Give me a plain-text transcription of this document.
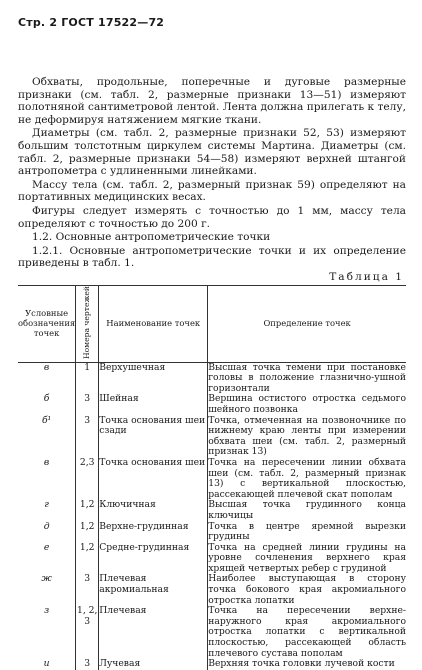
Стр. 2 ГОСТ 17522—72

Обхваты, продольные, поперечные и дуговые размерные признаки (см. табл. 2, размерные признаки 13—51) измеряют полотняной сантиметровой лентой. Лента должна прилегать к телу, не деформируя натяжением мягкие ткани.

Диаметры (см. табл. 2, размерные признаки 52, 53) измеряют большим толстотным циркулем системы Мартина. Диаметры (см. табл. 2, размерные признаки 54—58) измеряют верхней штангой антропометра с удлиненными линейками.

Массу тела (см. табл. 2, размерный признак 59) определяют на портативных медицинских весах.

Фигуры следует измерять с точностью до 1 мм, массу тела определяют с точностью до 200 г.

1.2. Основные антропометрические точки

1.2.1. Основные антропометрические точки и их определение приведены в табл. 1.

Таблица 1
Условные обозначения точек	Номера чертежей	Наименование точек	Определение точек
в	1	Верхушечная	Высшая точка темени при постановке головы в положение глазнично-ушной горизонтали
б	3	Шейная	Вершина остистого отростка седьмого шейного позвонка
б¹	3	Точка основания шеи сзади	Точка, отмеченная на позвоночнике по нижнему краю ленты при измерении обхвата шеи (см. табл. 2, размерный признак 13)
в	2,3	Точка основания шеи	Точка на пересечении линии обхвата шеи (см. табл. 2, размерный признак 13) с вертикальной плоскостью, рассекающей плечевой скат пополам
г	1,2	Ключичная	Высшая точка грудинного конца ключицы
д	1,2	Верхне-грудинная	Точка в центре яремной вырезки грудины
е	1,2	Средне-грудинная	Точка на средней линии грудины на уровне сочленения верхнего края хрящей четвертых ребер с грудиной
ж	3	Плечевая акромиальная	Наиболее выступающая в сторону точка бокового края акромиального отростка лопатки
з	1, 2, 3	Плечевая	Точка на пересечении верхне-наружного края акромиального отростка лопатки с вертикальной плоскостью, рассекающей область плечевого сустава пополам
и	3	Лучевая	Верхняя точка головки лучевой кости
